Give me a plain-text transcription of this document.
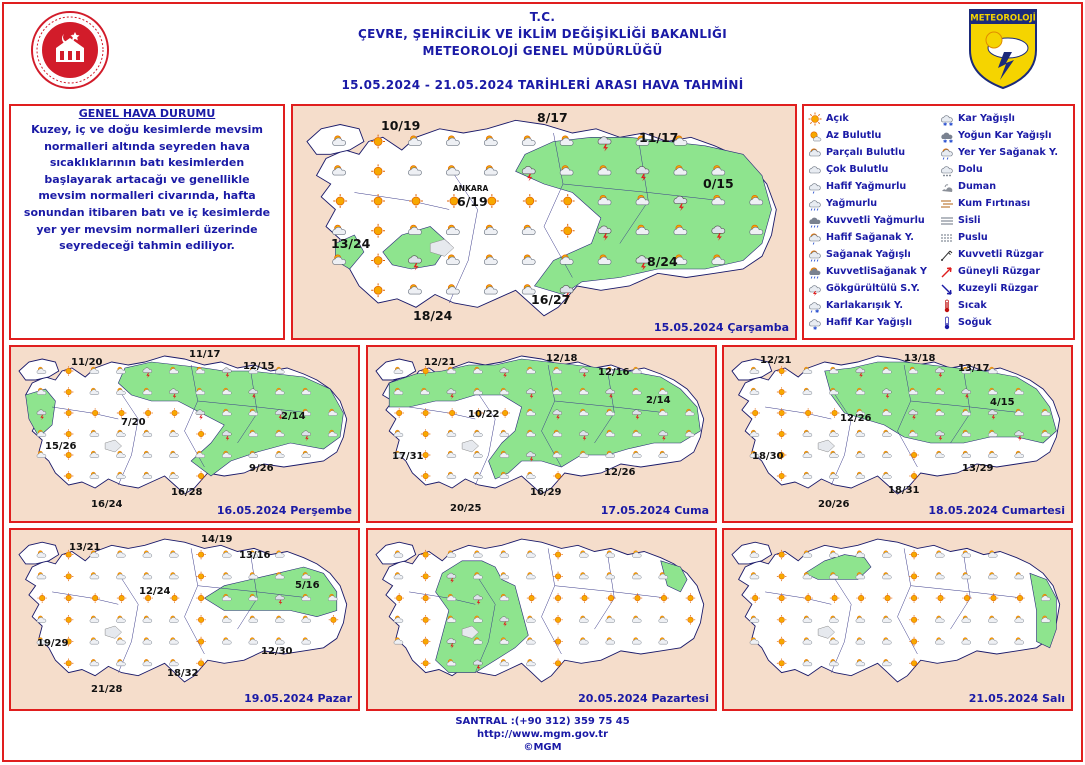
T.C.
ÇEVRE, ŞEHİRCİLİK VE İKLİM DEĞİŞİKLİĞİ BAKANLIĞI
METEOROLOJİ GENEL MÜDÜRLÜĞÜ
15.05.2024 - 21.05.2024 TARİHLERİ ARASI HAVA TAHMİNİ
METEOROLOJİ
GENEL HAVA DURUMU
Kuzey, iç ve doğu kesimlerde mevsim normalleri altında seyreden hava sıcaklıklarının batı kesimlerden başlayarak artacağı ve genellikle mevsim normalleri civarında, hafta sonundan itibaren batı ve iç kesimlerde yer yer mevsim normalleri üzerinde seyredeceği tahmin ediliyor.
10/19
8/17
11/17
0/15
6/19
13/24
8/24
16/27
18/24
ANKARA
15.05.2024 Çarşamba
Açık
Az Bulutlu
Parçalı Bulutlu
Çok Bulutlu
Hafif Yağmurlu
Yağmurlu
Kuvvetli Yağmurlu
Hafif Sağanak Y.
Sağanak Yağışlı
KuvvetliSağanak Y
Gökgürültülü S.Y.
✱
Karlakarışık Y.
✱
Hafif Kar Yağışlı
✱ ✱
Kar Yağışlı
✱ ✱
Yoğun Kar Yağışlı
Yer Yer Sağanak Y.
Dolu
Duman
Kum Fırtınası
Sisli
Puslu
Kuvvetli Rüzgar
Güneyli Rüzgar
Kuzeyli Rüzgar
Sıcak
Soğuk
11/20
11/17
12/15
7/20
2/14
15/26
9/26
16/28
16/24	16.05.2024 Perşembe
12/21	12/18
12/16
10/22
2/14
17/31
12/26
16/29
20/25	17.05.2024 Cuma
12/21	13/18
13/17
12/26
4/15
18/30
13/29
18/31
20/26	18.05.2024 Cumartesi
13/21
14/19
13/16
12/24
5/16
19/29
12/30
18/32
21/28
19.05.2024 Pazar	20.05.2024 Pazartesi	21.05.2024 Salı
SANTRAL :(+90 312) 359 75 45
http://www.mgm.gov.tr
©MGM
